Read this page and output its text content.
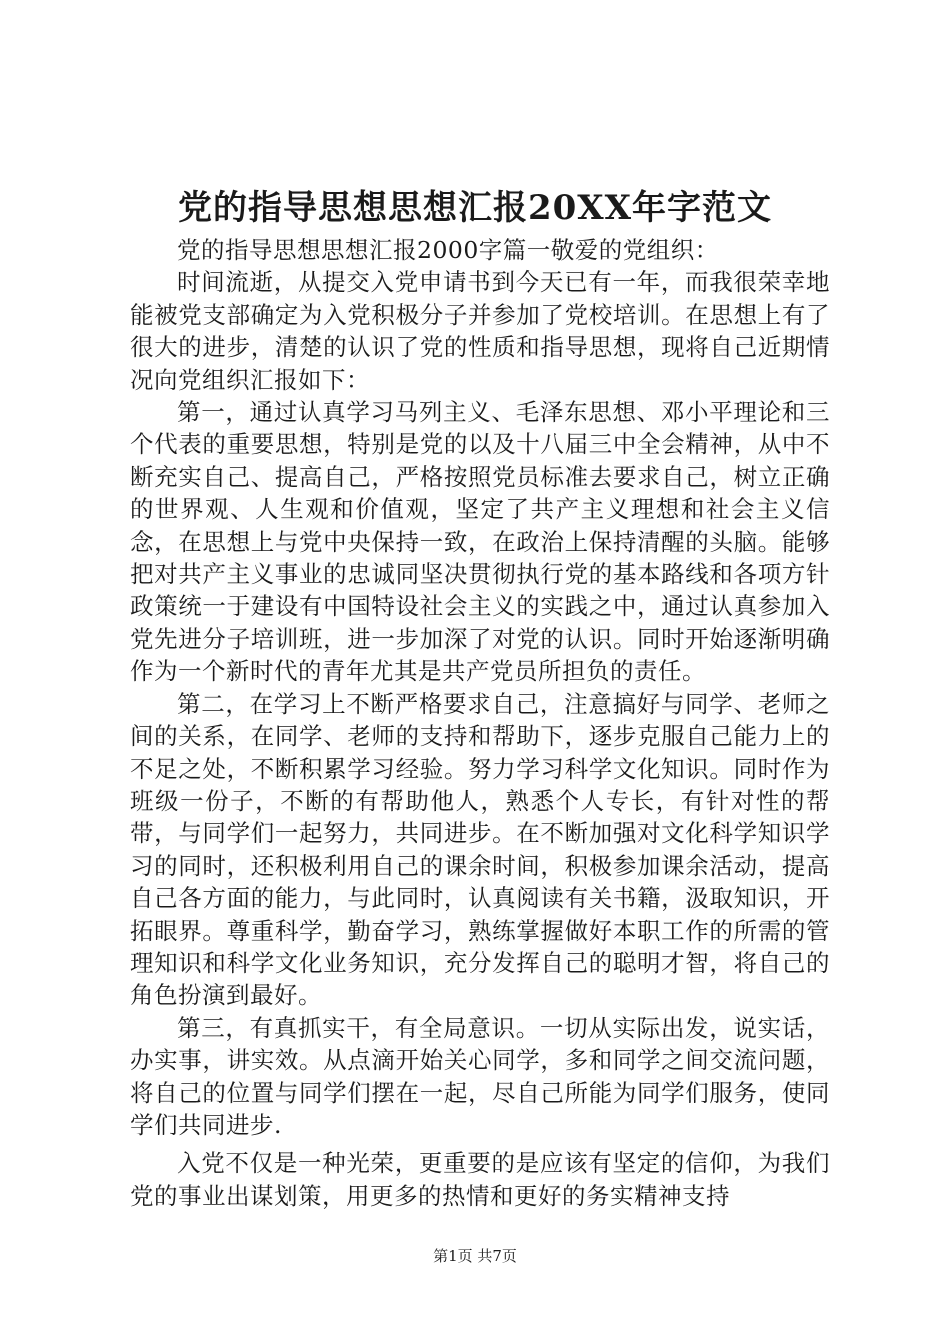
党的指导思想思想汇报20XX年字范文

党的指导思想思想汇报2000字篇一敬爱的党组织：

时间流逝，从提交入党申请书到今天已有一年，而我很荣幸地能被党支部确定为入党积极分子并参加了党校培训。在思想上有了很大的进步，清楚的认识了党的性质和指导思想，现将自己近期情况向党组织汇报如下：

第一，通过认真学习马列主义、毛泽东思想、邓小平理论和三个代表的重要思想，特别是党的以及十八届三中全会精神，从中不断充实自己、提高自己，严格按照党员标准去要求自己，树立正确的世界观、人生观和价值观，坚定了共产主义理想和社会主义信念，在思想上与党中央保持一致，在政治上保持清醒的头脑。能够把对共产主义事业的忠诚同坚决贯彻执行党的基本路线和各项方针政策统一于建设有中国特设社会主义的实践之中，通过认真参加入党先进分子培训班，进一步加深了对党的认识。同时开始逐渐明确作为一个新时代的青年尤其是共产党员所担负的责任。

第二，在学习上不断严格要求自己，注意搞好与同学、老师之间的关系，在同学、老师的支持和帮助下，逐步克服自己能力上的不足之处，不断积累学习经验。努力学习科学文化知识。同时作为班级一份子，不断的有帮助他人，熟悉个人专长，有针对性的帮带，与同学们一起努力，共同进步。在不断加强对文化科学知识学习的同时，还积极利用自己的课余时间，积极参加课余活动，提高自己各方面的能力，与此同时，认真阅读有关书籍，汲取知识，开拓眼界。尊重科学，勤奋学习，熟练掌握做好本职工作的所需的管理知识和科学文化业务知识，充分发挥自己的聪明才智，将自己的角色扮演到最好。

第三，有真抓实干，有全局意识。一切从实际出发，说实话，办实事，讲实效。从点滴开始关心同学，多和同学之间交流问题，将自己的位置与同学们摆在一起，尽自己所能为同学们服务，使同学们共同进步.

入党不仅是一种光荣，更重要的是应该有坚定的信仰，为我们党的事业出谋划策，用更多的热情和更好的务实精神支持

第1页 共7页
